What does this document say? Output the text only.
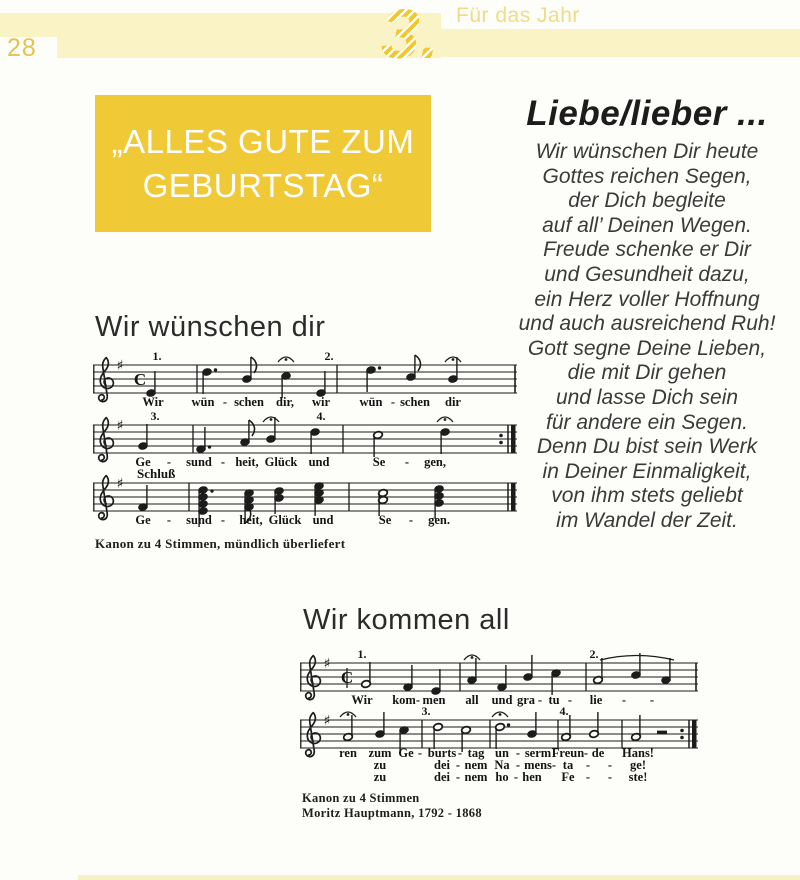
28	3. Für das Jahr
„ALLES GUTE ZUM
GEBURTSTAG“
Liebe/lieber ...
Wir wünschen Dir heute
Gottes reichen Segen,
der Dich begleite
auf all’ Deinen Wegen.
Freude schenke er Dir
und Gesundheit dazu,
ein Herz voller Hoffnung
und auch ausreichend Ruh!
Gott segne Deine Lieben,
die mit Dir gehen
und lasse Dich sein
für andere ein Segen.
Denn Du bist sein Werk
in Deiner Einmaligkeit,
von ihm stets geliebt
im Wandel der Zeit.
Wir wünschen dir
♯
C
1.	2.
Wir wün - schen dir, wir wün - schen dir
♯
3.	4.
Ge - sund - heit, Glück und	Se - gen,
♯
Schluß
Ge - sund - heit, Glück und	Se - gen.
Kanon zu 4 Stimmen, mündlich überliefert
Wir kommen all
♯
C
1.	2.
Wir kom - men all und gra - tu - lie - -
♯
3.	4.
ren zum Ge - burts - tag un - serm Freun - de Hans!
zu	dei - nem Na - mens - ta - - ge!
zu	dei - nem ho - hen Fe - - ste!
Kanon zu 4 Stimmen
Moritz Hauptmann, 1792 - 1868
